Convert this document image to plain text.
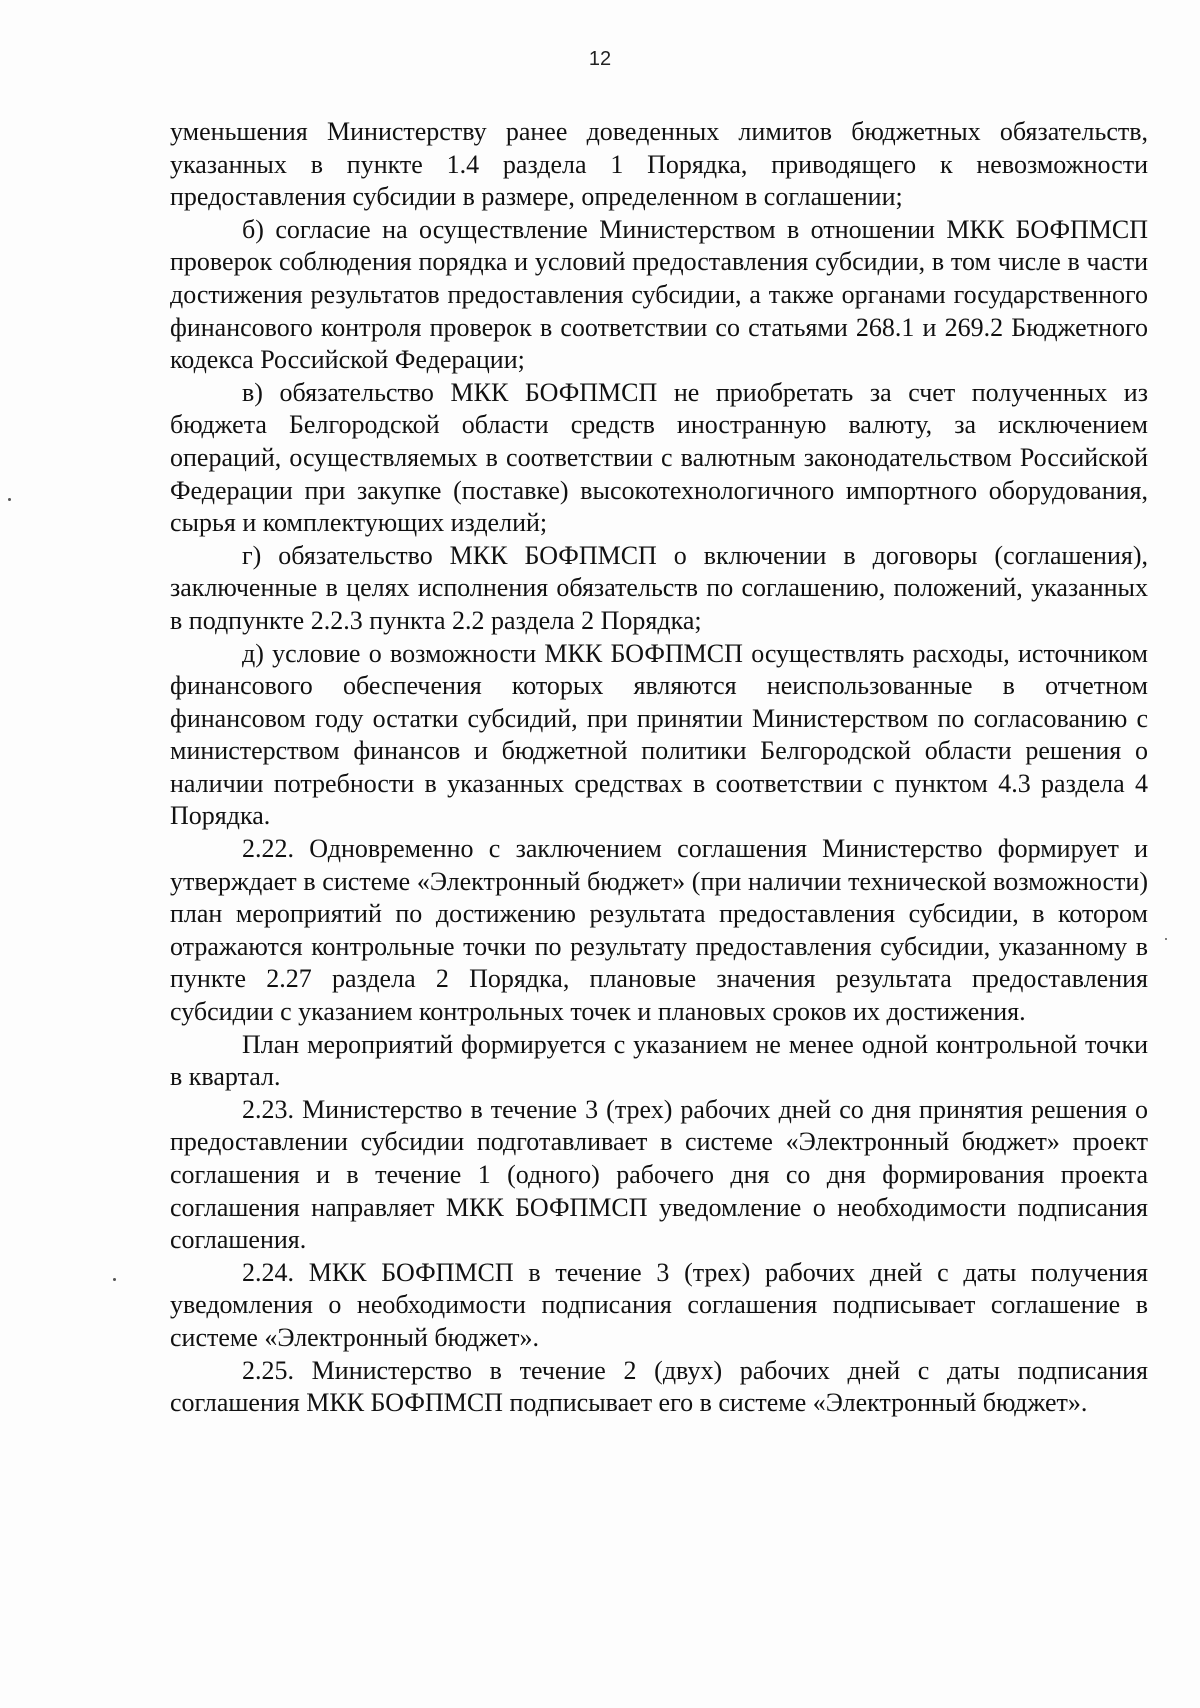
12

уменьшения Министерству ранее доведенных лимитов бюджетных обязательств, указанных в пункте 1.4 раздела 1 Порядка, приводящего к невозможности предоставления субсидии в размере, определенном в соглашении;

б) согласие на осуществление Министерством в отношении МКК БОФПМСП проверок соблюдения порядка и условий предоставления субсидии, в том числе в части достижения результатов предоставления субсидии, а также органами государственного финансового контроля проверок в соответствии со статьями 268.1 и 269.2 Бюджетного кодекса Российской Федерации;

в) обязательство МКК БОФПМСП не приобретать за счет полученных из бюджета Белгородской области средств иностранную валюту, за исключением операций, осуществляемых в соответствии с валютным законодательством Российской Федерации при закупке (поставке) высокотехнологичного импортного оборудования, сырья и комплектующих изделий;

г) обязательство МКК БОФПМСП о включении в договоры (соглашения), заключенные в целях исполнения обязательств по соглашению, положений, указанных в подпункте 2.2.3 пункта 2.2 раздела 2 Порядка;

д) условие о возможности МКК БОФПМСП осуществлять расходы, источником финансового обеспечения которых являются неиспользованные в отчетном финансовом году остатки субсидий, при принятии Министерством по согласованию с министерством финансов и бюджетной политики Белгородской области решения о наличии потребности в указанных средствах в соответствии с пунктом 4.3 раздела 4 Порядка.

2.22. Одновременно с заключением соглашения Министерство формирует и утверждает в системе «Электронный бюджет» (при наличии технической возможности) план мероприятий по достижению результата предоставления субсидии, в котором отражаются контрольные точки по результату предоставления субсидии, указанному в пункте 2.27 раздела 2 Порядка, плановые значения результата предоставления субсидии с указанием контрольных точек и плановых сроков их достижения.

План мероприятий формируется с указанием не менее одной контрольной точки в квартал.

2.23. Министерство в течение 3 (трех) рабочих дней со дня принятия решения о предоставлении субсидии подготавливает в системе «Электронный бюджет» проект соглашения и в течение 1 (одного) рабочего дня со дня формирования проекта соглашения направляет МКК БОФПМСП уведомление о необходимости подписания соглашения.

2.24. МКК БОФПМСП в течение 3 (трех) рабочих дней с даты получения уведомления о необходимости подписания соглашения подписывает соглашение в системе «Электронный бюджет».

2.25. Министерство в течение 2 (двух) рабочих дней с даты подписания соглашения МКК БОФПМСП подписывает его в системе «Электронный бюджет».
